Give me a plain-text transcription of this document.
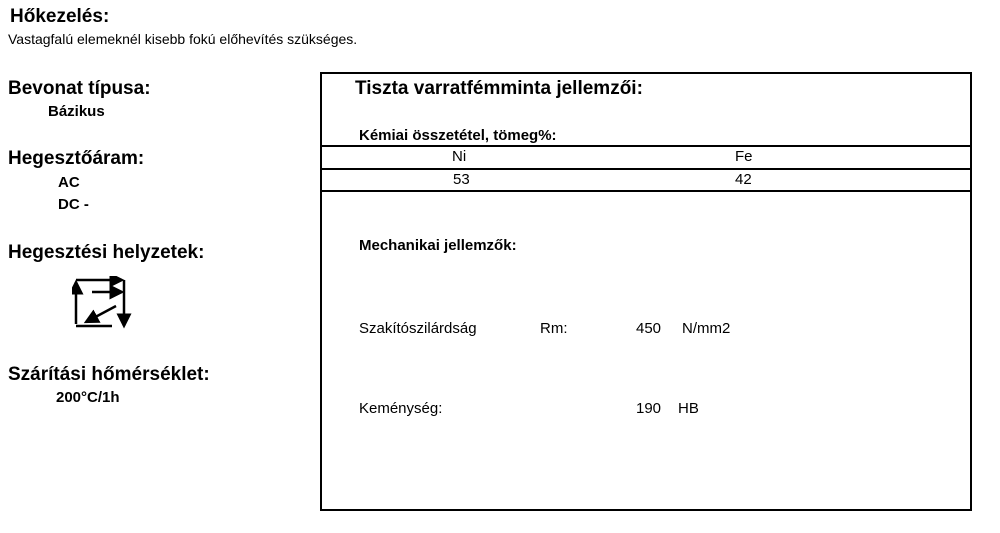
Hőkezelés:
Vastagfalú elemeknél kisebb fokú előhevítés szükséges.
Bevonat típusa:
Bázikus
Hegesztőáram:
AC
DC -
Hegesztési helyzetek:
Szárítási hőmérséklet:
200°C/1h
Tiszta varratfémminta jellemzői:
Kémiai összetétel, tömeg%:
Ni	Fe
53	42
Mechanikai jellemzők:
Szakítószilárdság	Rm:	450 N/mm2
Keménység:	190 HB
